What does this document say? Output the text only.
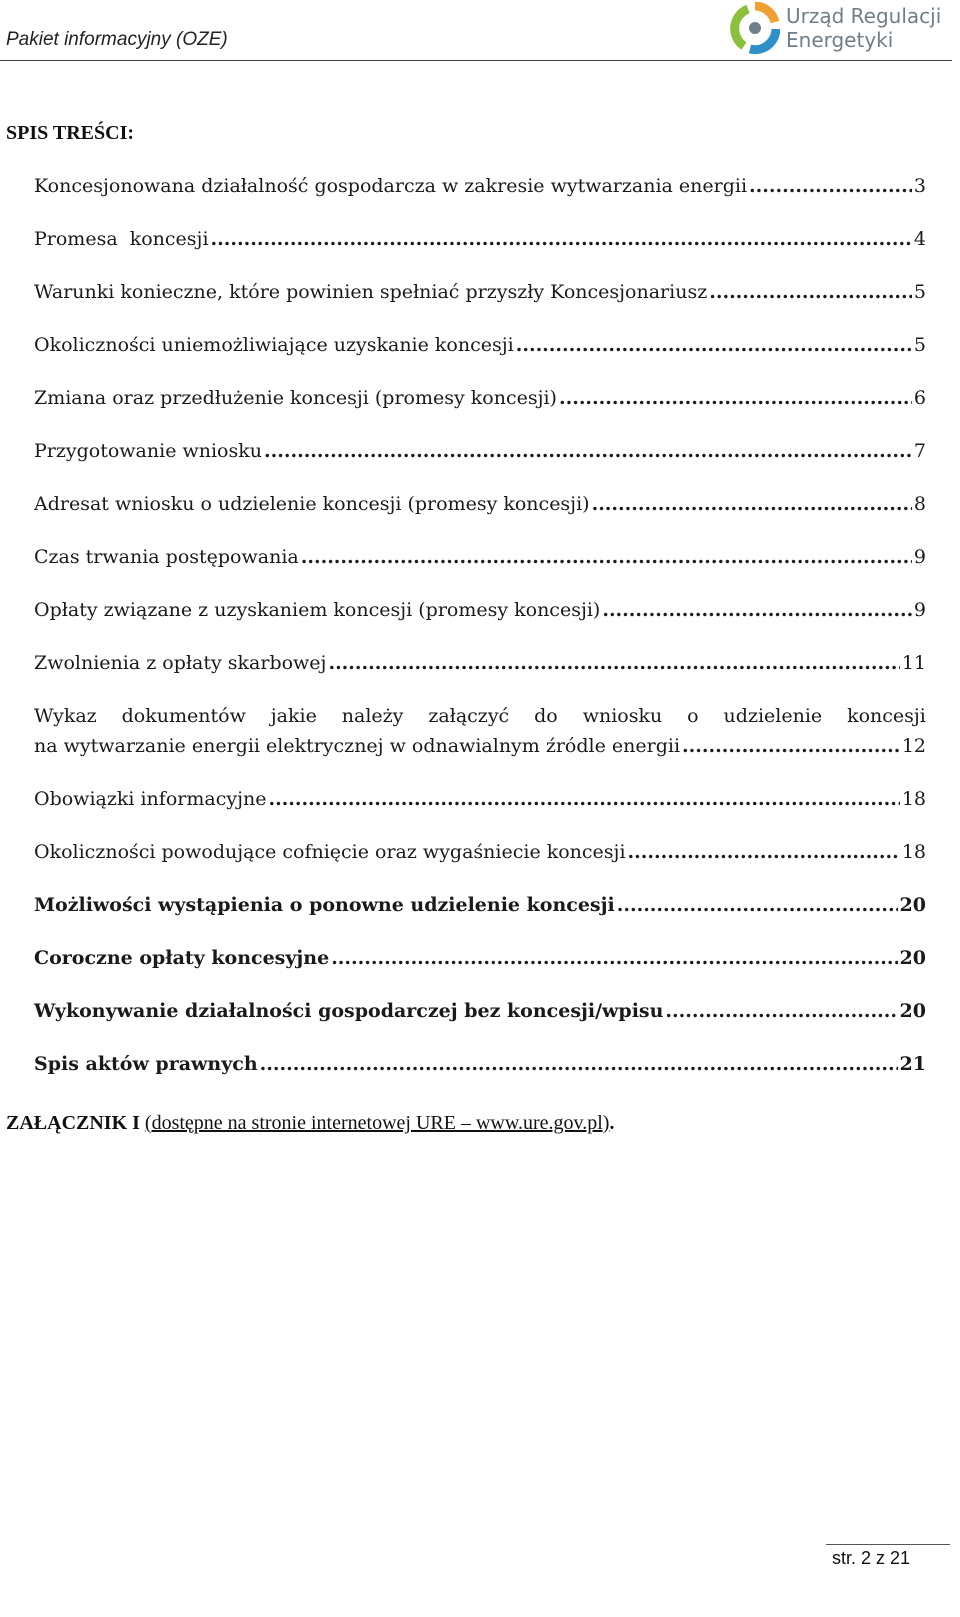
Pakiet informacyjny (OZE)
Urząd Regulacji
Energetyki
SPIS TREŚCI:
Koncesjonowana działalność gospodarcza w zakresie wytwarzania energii .....	3
Promesa  koncesji .....	4
Warunki konieczne, które powinien spełniać przyszły Koncesjonariusz .....	5
Okoliczności uniemożliwiające uzyskanie koncesji .....	5
Zmiana oraz przedłużenie koncesji (promesy koncesji) .....	6
Przygotowanie wniosku .....	7
Adresat wniosku o udzielenie koncesji (promesy koncesji) .....	8
Czas trwania postępowania .....	9
Opłaty związane z uzyskaniem koncesji (promesy koncesji) .....	9
Zwolnienia z opłaty skarbowej .....	11
Wykaz dokumentów jakie należy załączyć do wniosku o udzielenie koncesji
na wytwarzanie energii elektrycznej w odnawialnym źródle energii .....	12
Obowiązki informacyjne .....	18
Okoliczności powodujące cofnięcie oraz wygaśniecie koncesji .....	18
Możliwości wystąpienia o ponowne udzielenie koncesji .....	20
Coroczne opłaty koncesyjne .....	20
Wykonywanie działalności gospodarczej bez koncesji/wpisu .....	20
Spis aktów prawnych .....	21
ZAŁĄCZNIK I (dostępne na stronie internetowej URE – www.ure.gov.pl).
str. 2 z 21
